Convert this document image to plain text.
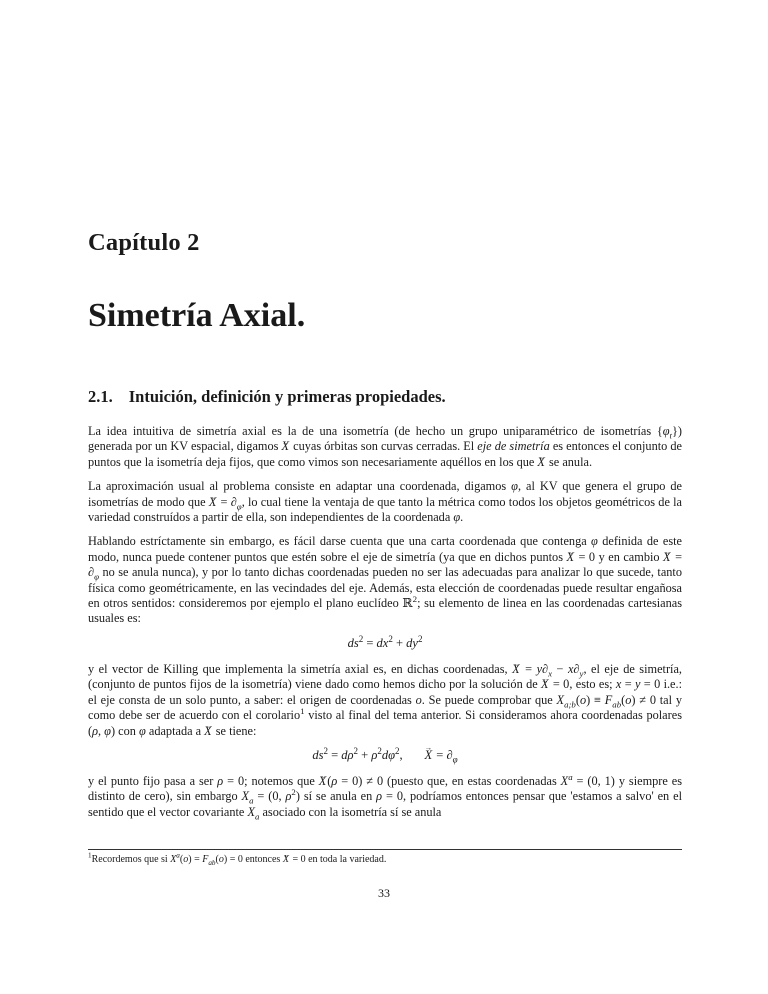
Capítulo 2
Simetría Axial.
2.1. Intuición, definición y primeras propiedades.

La idea intuitiva de simetría axial es la de una isometría (de hecho un grupo uniparamétrico de isometrías $\{\varphi_t\}$) generada por un KV espacial, digamos X → cuyas órbitas son curvas cerradas. El eje de simetría es entonces el conjunto de puntos que la isometría deja fijos, que como vimos son necesariamente aquéllos en los que X → se anula.

La aproximación usual al problema consiste en adaptar una coordenada, digamos φ, al KV que genera el grupo de isometrías de modo que X → = $\partial_\varphi$, lo cual tiene la ventaja de que tanto la métrica como todos los objetos geométricos de la variedad construídos a partir de ella, son independientes de la coordenada φ.

Hablando estríctamente sin embargo, es fácil darse cuenta que una carta coordenada que contenga φ definida de este modo, nunca puede contener puntos que estén sobre el eje de simetría (ya que en dichos puntos X → = 0 y en cambio X → = $\partial_\varphi$ no se anula nunca), y por lo tanto dichas coordenadas pueden no ser las adecuadas para analizar lo que sucede, tanto física como geométricamente, en las vecindades del eje. Además, esta elección de coordenadas puede resultar engañosa en otros sentidos: consideremos por ejemplo el plano euclídeo ℝ$^2$; su elemento de linea en las coordenadas cartesianas usuales es:

$ds^2 = dx^2 + dy^2$

y el vector de Killing que implementa la simetría axial es, en dichas coordenadas, X → = $y\partial_x - x\partial_y$, el eje de simetría, (conjunto de puntos fijos de la isometría) viene dado como hemos dicho por la solución de X → = 0, esto es; x = y = 0 i.e.: el eje consta de un solo punto, a saber: el origen de coordenadas o. Se puede comprobar que $X_{a;b}(o) \equiv F_{ab}(o) \ne 0$ tal y como debe ser de acuerdo con el corolario$^1$ visto al final del tema anterior. Si consideramos ahora coordenadas polares (ρ, φ) con φ adaptada a X → se tiene:

$ds^2 = d\rho^2 + \rho^2d\varphi^2$,       X → = $\partial_\varphi$

y el punto fijo pasa a ser ρ = 0; notemos que X →(ρ = 0) ≠ 0 (puesto que, en estas coordenadas $X^a = (0$, 1) y siempre es distinto de cero), sin embargo $X_a = (0$, $\rho^2$) sí se anula en ρ = 0, podríamos entonces pensar que 'estamos a salvo' en el sentido que el vector covariante $X_a$ asociado con la isometría sí se anula

$^1$Recordemos que si $X^a(o) = F_{ab}(o) = 0$ entonces X → = 0 en toda la variedad.

33
